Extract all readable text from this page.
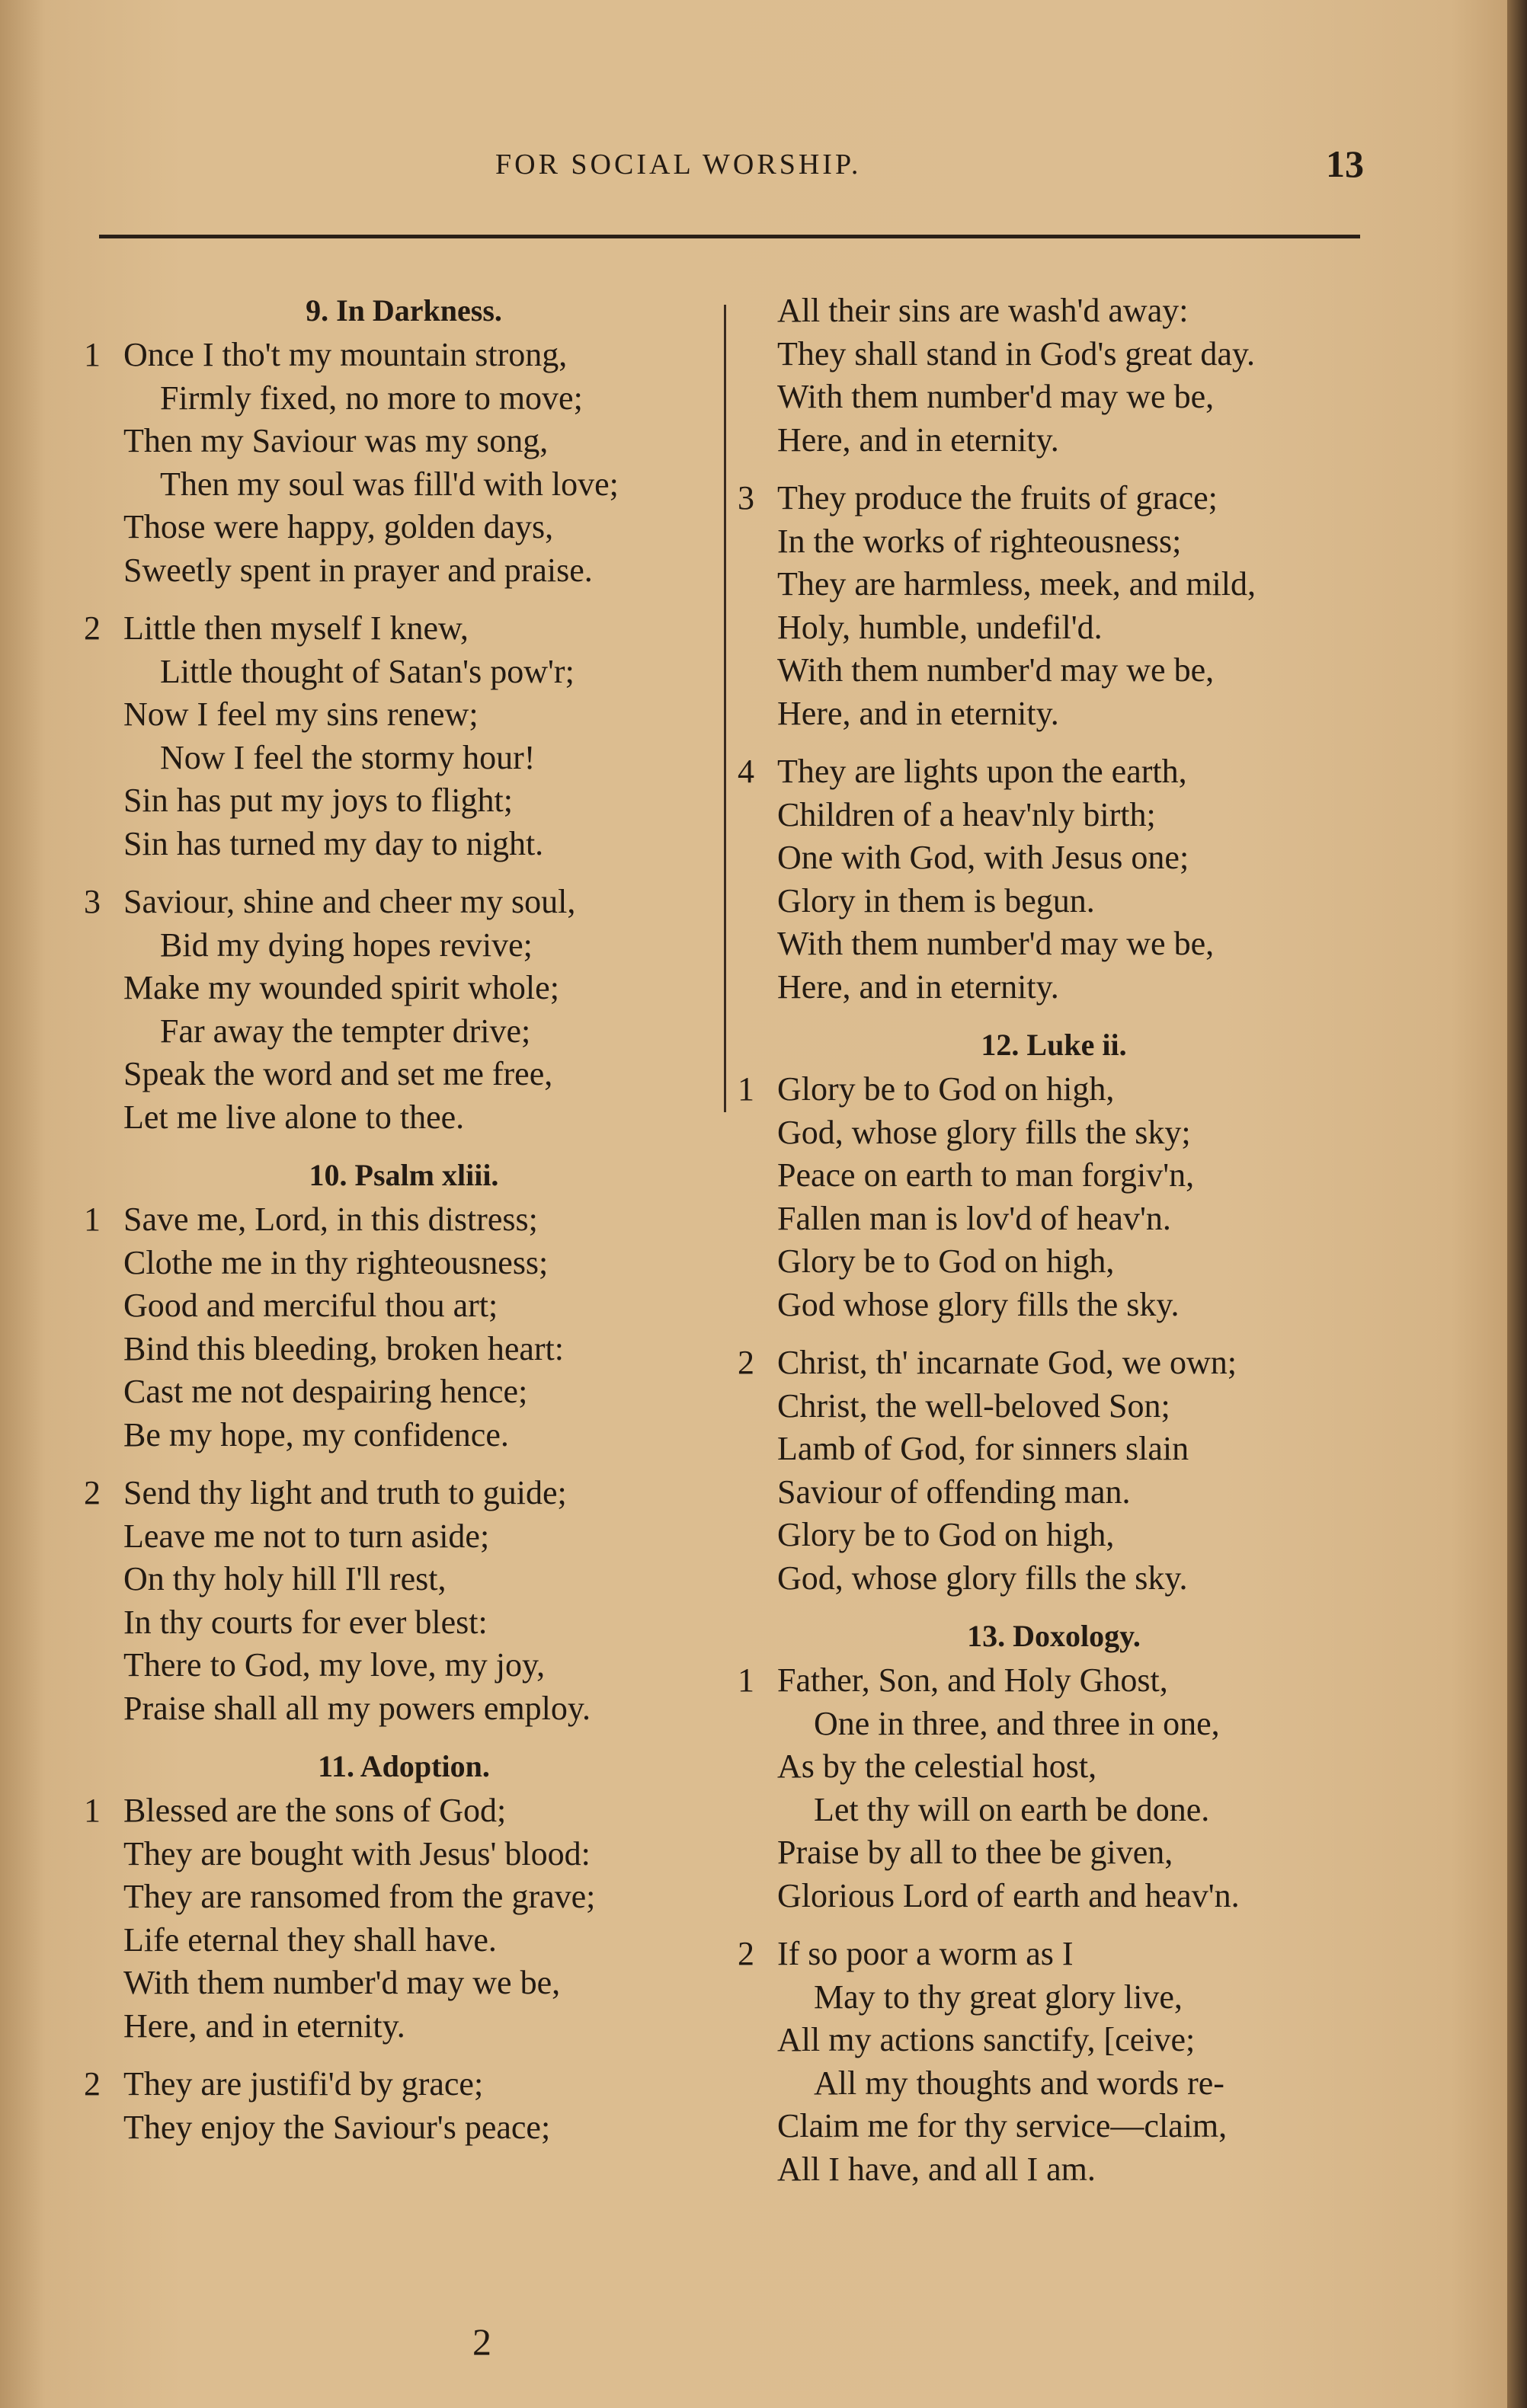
FOR SOCIAL WORSHIP.	13
9. In Darkness.
1 Once I tho't my mountain strong,
Firmly fixed, no more to move;
Then my Saviour was my song,
Then my soul was fill'd with love;
Those were happy, golden days,
Sweetly spent in prayer and praise.
2 Little then myself I knew,
Little thought of Satan's pow'r;
Now I feel my sins renew;
Now I feel the stormy hour!
Sin has put my joys to flight;
Sin has turned my day to night.
3 Saviour, shine and cheer my soul,
Bid my dying hopes revive;
Make my wounded spirit whole;
Far away the tempter drive;
Speak the word and set me free,
Let me live alone to thee.
10. Psalm xliii.
1 Save me, Lord, in this distress;
Clothe me in thy righteousness;
Good and merciful thou art;
Bind this bleeding, broken heart:
Cast me not despairing hence;
Be my hope, my confidence.
2 Send thy light and truth to guide;
Leave me not to turn aside;
On thy holy hill I'll rest,
In thy courts for ever blest:
There to God, my love, my joy,
Praise shall all my powers employ.
11. Adoption.
1 Blessed are the sons of God;
They are bought with Jesus' blood:
They are ransomed from the grave;
Life eternal they shall have.
With them number'd may we be,
Here, and in eternity.
2 They are justifi'd by grace;
They enjoy the Saviour's peace;
All their sins are wash'd away:
They shall stand in God's great day.
With them number'd may we be,
Here, and in eternity.
3 They produce the fruits of grace;
In the works of righteousness;
They are harmless, meek, and mild,
Holy, humble, undefil'd.
With them number'd may we be,
Here, and in eternity.
4 They are lights upon the earth,
Children of a heav'nly birth;
One with God, with Jesus one;
Glory in them is begun.
With them number'd may we be,
Here, and in eternity.
12. Luke ii.
1 Glory be to God on high,
God, whose glory fills the sky;
Peace on earth to man forgiv'n,
Fallen man is lov'd of heav'n.
Glory be to God on high,
God whose glory fills the sky.
2 Christ, th' incarnate God, we own;
Christ, the well-beloved Son;
Lamb of God, for sinners slain
Saviour of offending man.
Glory be to God on high,
God, whose glory fills the sky.
13. Doxology.
1 Father, Son, and Holy Ghost,
One in three, and three in one,
As by the celestial host,
Let thy will on earth be done.
Praise by all to thee be given,
Glorious Lord of earth and heav'n.
2 If so poor a worm as I
May to thy great glory live,
All my actions sanctify, [ceive;
All my thoughts and words re-
Claim me for thy service—claim,
All I have, and all I am.
2
